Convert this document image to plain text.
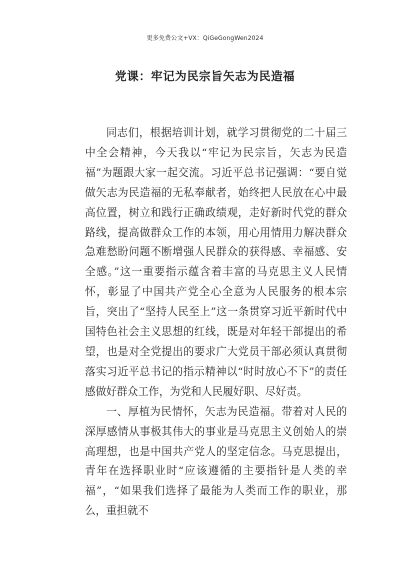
更多免费公文+VX：QiGeGongWen2024
党课：牢记为民宗旨矢志为民造福

同志们，根据培训计划，就学习贯彻党的二十届三中全会精神，今天我以“牢记为民宗旨，矢志为民造福”为题跟大家一起交流。习近平总书记强调：“要自觉做矢志为民造福的无私奉献者，始终把人民放在心中最高位置，树立和践行正确政绩观，走好新时代党的群众路线，提高做群众工作的本领，用心用情用力解决群众急难愁盼问题不断增强人民群众的获得感、幸福感、安全感。”这一重要指示蕴含着丰富的马克思主义人民情怀，彰显了中国共产党全心全意为人民服务的根本宗旨，突出了“坚持人民至上”这一条贯穿习近平新时代中国特色社会主义思想的红线，既是对年轻干部提出的希望，也是对全党提出的要求广大党员干部必须认真贯彻落实习近平总书记的指示精神以“时时放心不下”的责任感做好群众工作，为党和人民履好职、尽好责。

一、厚植为民情怀，矢志为民造福。带着对人民的深厚感情从事极其伟大的事业是马克思主义创始人的崇高理想，也是中国共产党人的坚定信念。马克思提出，青年在选择职业时“应该遵循的主要指针是人类的幸福”，“如果我们选择了最能为人类而工作的职业，那么，重担就不
